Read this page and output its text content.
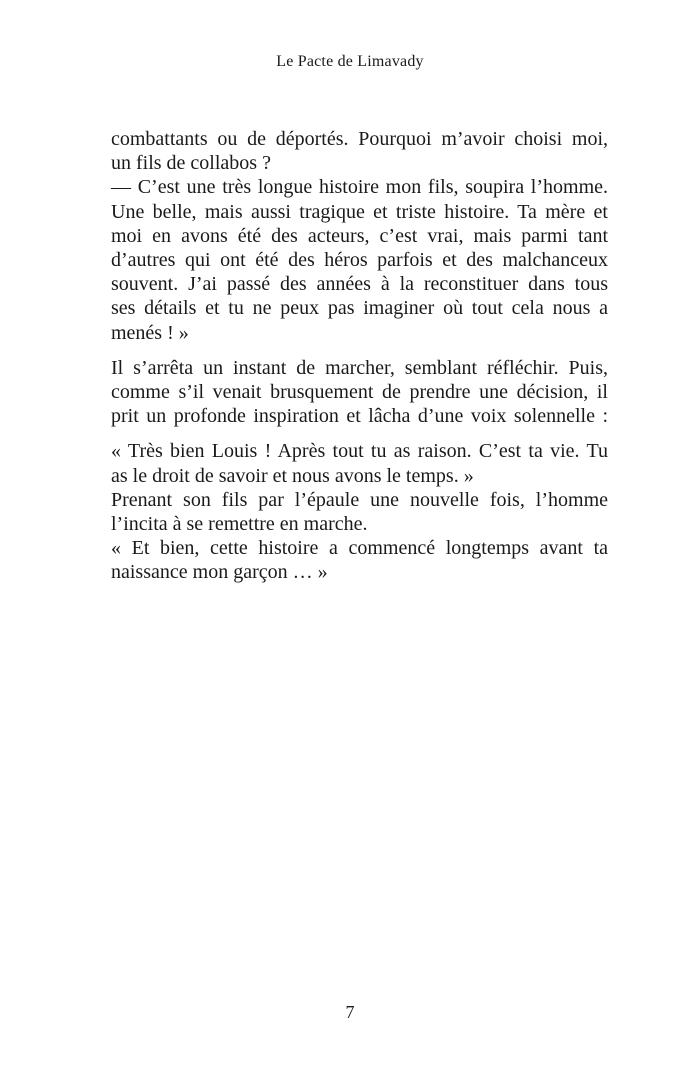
Le Pacte de Limavady
combattants ou de déportés. Pourquoi m’avoir choisi moi,
un fils de collabos ?
— C’est une très longue histoire mon fils, soupira l’homme.
Une belle, mais aussi tragique et triste histoire. Ta mère et
moi en avons été des acteurs, c’est vrai, mais parmi tant
d’autres qui ont été des héros parfois et des malchanceux
souvent. J’ai passé des années à la reconstituer dans tous
ses détails et tu ne peux pas imaginer où tout cela nous a
menés ! »
Il s’arrêta un instant de marcher, semblant réfléchir. Puis,
comme s’il venait brusquement de prendre une décision, il
prit un profonde inspiration et lâcha d’une voix solennelle :
« Très bien Louis ! Après tout tu as raison. C’est ta vie. Tu
as le droit de savoir et nous avons le temps. »
Prenant son fils par l’épaule une nouvelle fois, l’homme
l’incita à se remettre en marche.
« Et bien, cette histoire a commencé longtemps avant ta
naissance mon garçon … »
7
